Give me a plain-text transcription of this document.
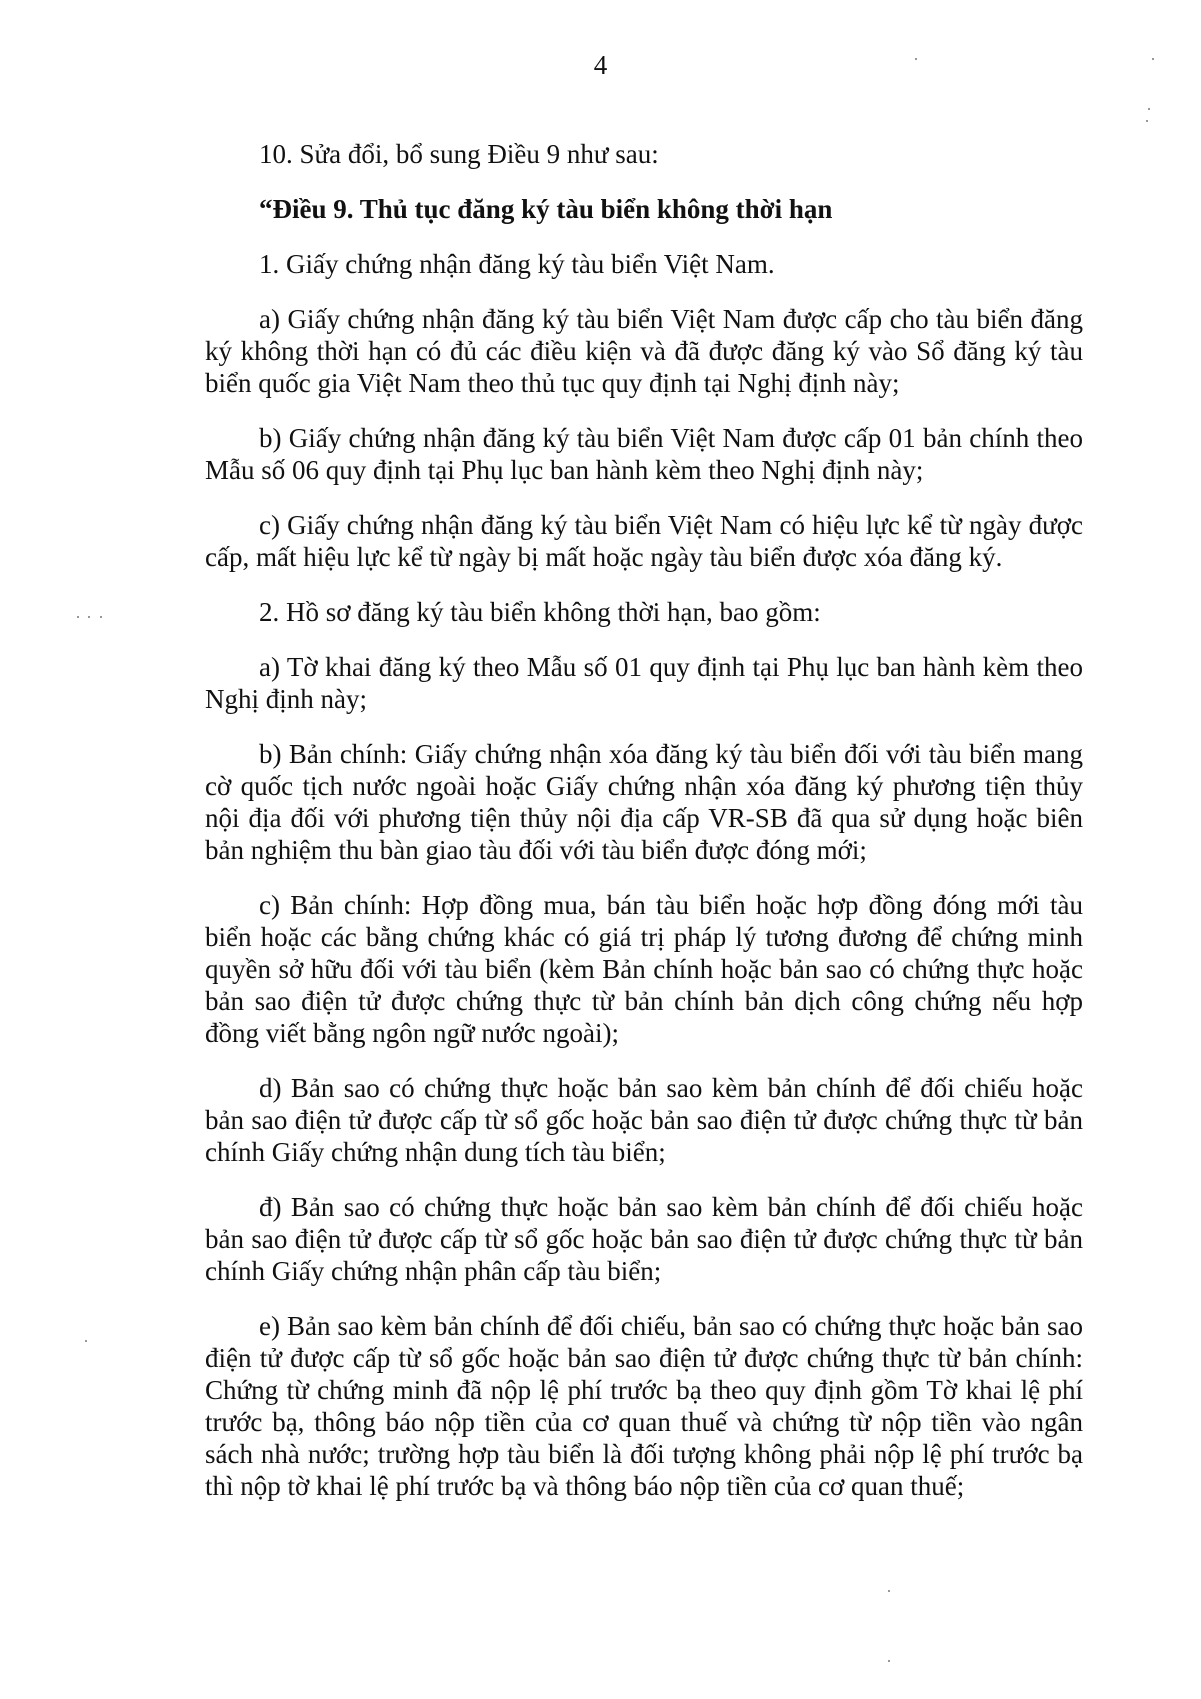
4

10. Sửa đổi, bổ sung Điều 9 như sau:

“Điều 9. Thủ tục đăng ký tàu biển không thời hạn

1. Giấy chứng nhận đăng ký tàu biển Việt Nam.

a) Giấy chứng nhận đăng ký tàu biển Việt Nam được cấp cho tàu biển đăng ký không thời hạn có đủ các điều kiện và đã được đăng ký vào Sổ đăng ký tàu biển quốc gia Việt Nam theo thủ tục quy định tại Nghị định này;

b) Giấy chứng nhận đăng ký tàu biển Việt Nam được cấp 01 bản chính theo Mẫu số 06 quy định tại Phụ lục ban hành kèm theo Nghị định này;

c) Giấy chứng nhận đăng ký tàu biển Việt Nam có hiệu lực kể từ ngày được cấp, mất hiệu lực kể từ ngày bị mất hoặc ngày tàu biển được xóa đăng ký.

2. Hồ sơ đăng ký tàu biển không thời hạn, bao gồm:

a) Tờ khai đăng ký theo Mẫu số 01 quy định tại Phụ lục ban hành kèm theo Nghị định này;

b) Bản chính: Giấy chứng nhận xóa đăng ký tàu biển đối với tàu biển mang cờ quốc tịch nước ngoài hoặc Giấy chứng nhận xóa đăng ký phương tiện thủy nội địa đối với phương tiện thủy nội địa cấp VR-SB đã qua sử dụng hoặc biên bản nghiệm thu bàn giao tàu đối với tàu biển được đóng mới;

c) Bản chính: Hợp đồng mua, bán tàu biển hoặc hợp đồng đóng mới tàu biển hoặc các bằng chứng khác có giá trị pháp lý tương đương để chứng minh quyền sở hữu đối với tàu biển (kèm Bản chính hoặc bản sao có chứng thực hoặc bản sao điện tử được chứng thực từ bản chính bản dịch công chứng nếu hợp đồng viết bằng ngôn ngữ nước ngoài);

d) Bản sao có chứng thực hoặc bản sao kèm bản chính để đối chiếu hoặc bản sao điện tử được cấp từ sổ gốc hoặc bản sao điện tử được chứng thực từ bản chính Giấy chứng nhận dung tích tàu biển;

đ) Bản sao có chứng thực hoặc bản sao kèm bản chính để đối chiếu hoặc bản sao điện tử được cấp từ sổ gốc hoặc bản sao điện tử được chứng thực từ bản chính Giấy chứng nhận phân cấp tàu biển;

e) Bản sao kèm bản chính để đối chiếu, bản sao có chứng thực hoặc bản sao điện tử được cấp từ sổ gốc hoặc bản sao điện tử được chứng thực từ bản chính: Chứng từ chứng minh đã nộp lệ phí trước bạ theo quy định gồm Tờ khai lệ phí trước bạ, thông báo nộp tiền của cơ quan thuế và chứng từ nộp tiền vào ngân sách nhà nước; trường hợp tàu biển là đối tượng không phải nộp lệ phí trước bạ thì nộp tờ khai lệ phí trước bạ và thông báo nộp tiền của cơ quan thuế;
